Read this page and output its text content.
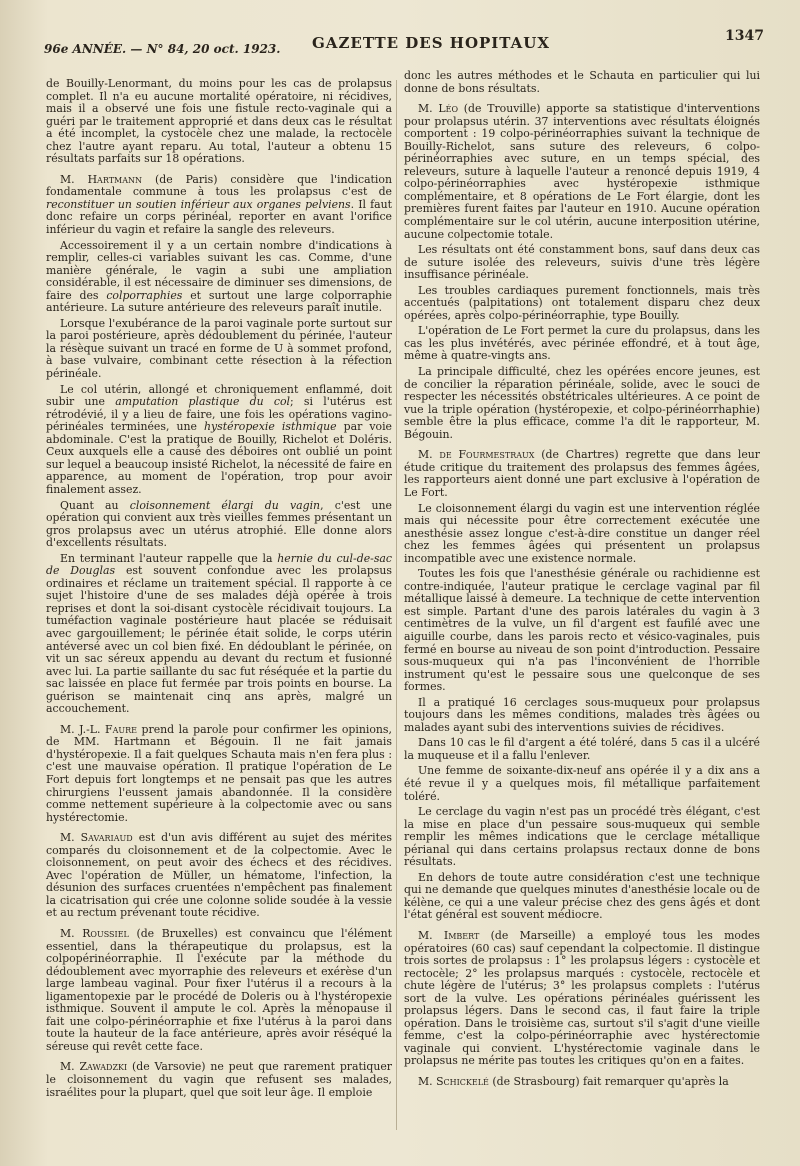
96e ANNÉE. — N° 84, 20 oct. 1923. GAZETTE DES HOPITAUX	1347

de Bouilly-Lenormant, du moins pour les cas de prolapsus complet. Il n'a eu aucune mortalité opératoire, ni récidives, mais il a observé une fois une fistule recto-vaginale qui a guéri par le traitement approprié et dans deux cas le résultat a été incomplet, la cystocèle chez une malade, la rectocèle chez l'autre ayant reparu. Au total, l'auteur a obtenu 15 résultats parfaits sur 18 opérations.

M. Hartmann (de Paris) considère que l'indication fondamentale commune à tous les prolapsus c'est de reconstituer un soutien inférieur aux organes pelviens. Il faut donc refaire un corps périnéal, reporter en avant l'orifice inférieur du vagin et refaire la sangle des releveurs.

Accessoirement il y a un certain nombre d'indications à remplir, celles-ci variables suivant les cas. Comme, d'une manière générale, le vagin a subi une ampliation considérable, il est nécessaire de diminuer ses dimensions, de faire des colporraphies et surtout une large colporraphie antérieure. La suture antérieure des releveurs paraît inutile.

Lorsque l'exubérance de la paroi vaginale porte surtout sur la paroi postérieure, après dédoublement du périnée, l'auteur la résèque suivant un tracé en forme de U à sommet profond, à base vulvaire, combinant cette résection à la réfection périnéale.

Le col utérin, allongé et chroniquement enflammé, doit subir une amputation plastique du col; si l'utérus est rétrodévié, il y a lieu de faire, une fois les opérations vagino-périnéales terminées, une hystéropexie isthmique par voie abdominale. C'est la pratique de Bouilly, Richelot et Doléris. Ceux auxquels elle a causé des déboires ont oublié un point sur lequel a beaucoup insisté Richelot, la nécessité de faire en apparence, au moment de l'opération, trop pour avoir finalement assez.

Quant au cloisonnement élargi du vagin, c'est une opération qui convient aux très vieilles femmes présentant un gros prolapsus avec un utérus atrophié. Elle donne alors d'excellents résultats.

En terminant l'auteur rappelle que la hernie du cul-de-sac de Douglas est souvent confondue avec les prolapsus ordinaires et réclame un traitement spécial. Il rapporte à ce sujet l'histoire d'une de ses malades déjà opérée à trois reprises et dont la soi-disant cystocèle récidivait toujours. La tuméfaction vaginale postérieure haut placée se réduisait avec gargouillement; le périnée était solide, le corps utérin antéversé avec un col bien fixé. En dédoublant le périnée, on vit un sac séreux appendu au devant du rectum et fusionné avec lui. La partie saillante du sac fut réséquée et la partie du sac laissée en place fut fermée par trois points en bourse. La guérison se maintenait cinq ans après, malgré un accouchement.

M. J.-L. Faure prend la parole pour confirmer les opinions, de MM. Hartmann et Bégouin. Il ne fait jamais d'hystéropexie. Il a fait quelques Schauta mais n'en fera plus : c'est une mauvaise opération. Il pratique l'opération de Le Fort depuis fort longtemps et ne pensait pas que les autres chirurgiens l'eussent jamais abandonnée. Il la considère comme nettement supérieure à la colpectomie avec ou sans hystérectomie.

M. Savariaud est d'un avis différent au sujet des mérites comparés du cloisonnement et de la colpectomie. Avec le cloisonnement, on peut avoir des échecs et des récidives. Avec l'opération de Müller, un hématome, l'infection, la désunion des surfaces cruentées n'empêchent pas finalement la cicatrisation qui crée une colonne solide soudée à la vessie et au rectum prévenant toute récidive.

M. Roussiel (de Bruxelles) est convaincu que l'élément essentiel, dans la thérapeutique du prolapsus, est la colpopérinéorraphie. Il l'exécute par la méthode du dédoublement avec myorraphie des releveurs et exérèse d'un large lambeau vaginal. Pour fixer l'utérus il a recours à la ligamentopexie par le procédé de Doleris ou à l'hystéropexie isthmique. Souvent il ampute le col. Après la ménopause il fait une colpo-périnéorraphie et fixe l'utérus à la paroi dans toute la hauteur de la face antérieure, après avoir réséqué la séreuse qui revêt cette face.

M. Zawadzki (de Varsovie) ne peut que rarement pratiquer le cloisonnement du vagin que refusent ses malades, israélites pour la plupart, quel que soit leur âge. Il emploie

donc les autres méthodes et le Schauta en particulier qui lui donne de bons résultats.

M. Léo (de Trouville) apporte sa statistique d'interventions pour prolapsus utérin. 37 interventions avec résultats éloignés comportent : 19 colpo-périnéorraphies suivant la technique de Bouilly-Richelot, sans suture des releveurs, 6 colpo-périnéorraphies avec suture, en un temps spécial, des releveurs, suture à laquelle l'auteur a renoncé depuis 1919, 4 colpo-périnéorraphies avec hystéropexie isthmique complémentaire, et 8 opérations de Le Fort élargie, dont les premières furent faites par l'auteur en 1910. Aucune opération complémentaire sur le col utérin, aucune interposition utérine, aucune colpectomie totale.

Les résultats ont été constamment bons, sauf dans deux cas de suture isolée des releveurs, suivis d'une très légère insuffisance périnéale.

Les troubles cardiaques purement fonctionnels, mais très accentués (palpitations) ont totalement disparu chez deux opérées, après colpo-périnéorraphie, type Bouilly.

L'opération de Le Fort permet la cure du prolapsus, dans les cas les plus invétérés, avec périnée effondré, et à tout âge, même à quatre-vingts ans.

La principale difficulté, chez les opérées encore jeunes, est de concilier la réparation périnéale, solide, avec le souci de respecter les nécessités obstétricales ultérieures. A ce point de vue la triple opération (hystéropexie, et colpo-périnéorrhaphie) semble être la plus efficace, comme l'a dit le rapporteur, M. Bégouin.

M. de Fourmestraux (de Chartres) regrette que dans leur étude critique du traitement des prolapsus des femmes âgées, les rapporteurs aient donné une part exclusive à l'opération de Le Fort.

Le cloisonnement élargi du vagin est une intervention réglée mais qui nécessite pour être correctement exécutée une anesthésie assez longue c'est-à-dire constitue un danger réel chez les femmes âgées qui présentent un prolapsus incompatible avec une existence normale.

Toutes les fois que l'anesthésie générale ou rachidienne est contre-indiquée, l'auteur pratique le cerclage vaginal par fil métallique laissé à demeure. La technique de cette intervention est simple. Partant d'une des parois latérales du vagin à 3 centimètres de la vulve, un fil d'argent est faufilé avec une aiguille courbe, dans les parois recto et vésico-vaginales, puis fermé en bourse au niveau de son point d'introduction. Pessaire sous-muqueux qui n'a pas l'inconvénient de l'horrible instrument qu'est le pessaire sous une quelconque de ses formes.

Il a pratiqué 16 cerclages sous-muqueux pour prolapsus toujours dans les mêmes conditions, malades très âgées ou malades ayant subi des interventions suivies de récidives.

Dans 10 cas le fil d'argent a été toléré, dans 5 cas il a ulcéré la muqueuse et il a fallu l'enlever.

Une femme de soixante-dix-neuf ans opérée il y a dix ans a été revue il y a quelques mois, fil métallique parfaitement toléré.

Le cerclage du vagin n'est pas un procédé très élégant, c'est la mise en place d'un pessaire sous-muqueux qui semble remplir les mêmes indications que le cerclage métallique périanal qui dans certains prolapsus rectaux donne de bons résultats.

En dehors de toute autre considération c'est une technique qui ne demande que quelques minutes d'anesthésie locale ou de kélène, ce qui a une valeur précise chez des gens âgés et dont l'état général est souvent médiocre.

M. Imbert (de Marseille) a employé tous les modes opératoires (60 cas) sauf cependant la colpectomie. Il distingue trois sortes de prolapsus : 1° les prolapsus légers : cystocèle et rectocèle; 2° les prolapsus marqués : cystocèle, rectocèle et chute légère de l'utérus; 3° les prolapsus complets : l'utérus sort de la vulve. Les opérations périnéales guérissent les prolapsus légers. Dans le second cas, il faut faire la triple opération. Dans le troisième cas, surtout s'il s'agit d'une vieille femme, c'est la colpo-périnéorraphie avec hystérectomie vaginale qui convient. L'hystérectomie vaginale dans le prolapsus ne mérite pas toutes les critiques qu'on en a faites.

M. Schickelé (de Strasbourg) fait remarquer qu'après la
